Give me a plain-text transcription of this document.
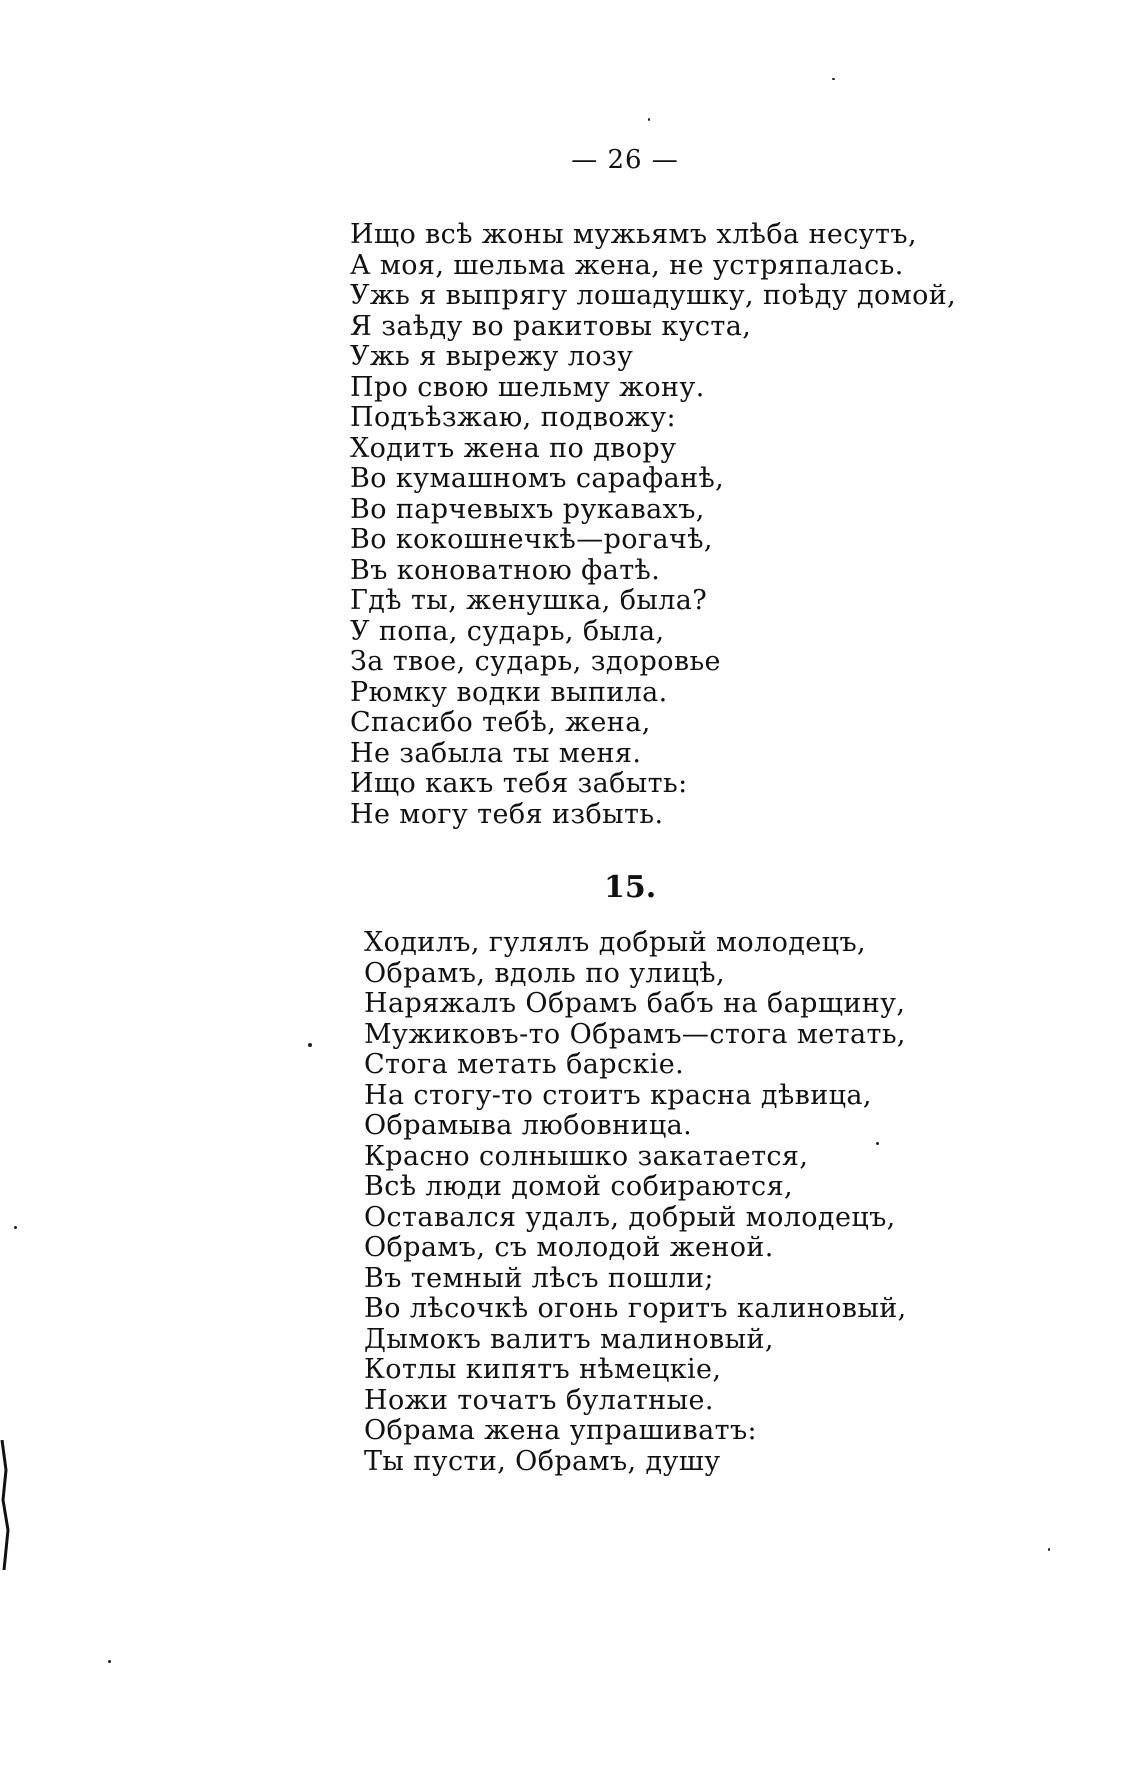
— 26 —
Ищо всѣ жоны мужьямъ хлѣба несутъ,
А моя, шельма жена, не устряпалась.
Ужь я выпрягу лошадушку, поѣду домой,
Я заѣду во ракитовы куста,
Ужь я вырежу лозу
Про свою шельму жону.
Подъѣзжаю, подвожу:
Ходитъ жена по двору
Во кумашномъ сарафанѣ,
Во парчевыхъ рукавахъ,
Во кокошнечкѣ—рогачѣ,
Въ коноватною фатѣ.
Гдѣ ты, женушка, была?
У попа, сударь, была,
За твое, сударь, здоровье
Рюмку водки выпила.
Спасибо тебѣ, жена,
Не забыла ты меня.
Ищо какъ тебя забыть:
Не могу тебя избыть.
15.
Ходилъ, гулялъ добрый молодецъ,
Обрамъ, вдоль по улицѣ,
Наряжалъ Обрамъ бабъ на барщину,
Мужиковъ-то Обрамъ—стога метать,
Стога метать барскіе.
На стогу-то стоитъ красна дѣвица,
Обрамыва любовница.
Красно солнышко закатается,
Всѣ люди домой собираются,
Оставался удалъ, добрый молодецъ,
Обрамъ, съ молодой женой.
Въ темный лѣсъ пошли;
Во лѣсочкѣ огонь горитъ калиновый,
Дымокъ валитъ малиновый,
Котлы кипятъ нѣмецкіе,
Ножи точатъ булатные.
Обрама жена упрашиватъ:
Ты пусти, Обрамъ, душу
